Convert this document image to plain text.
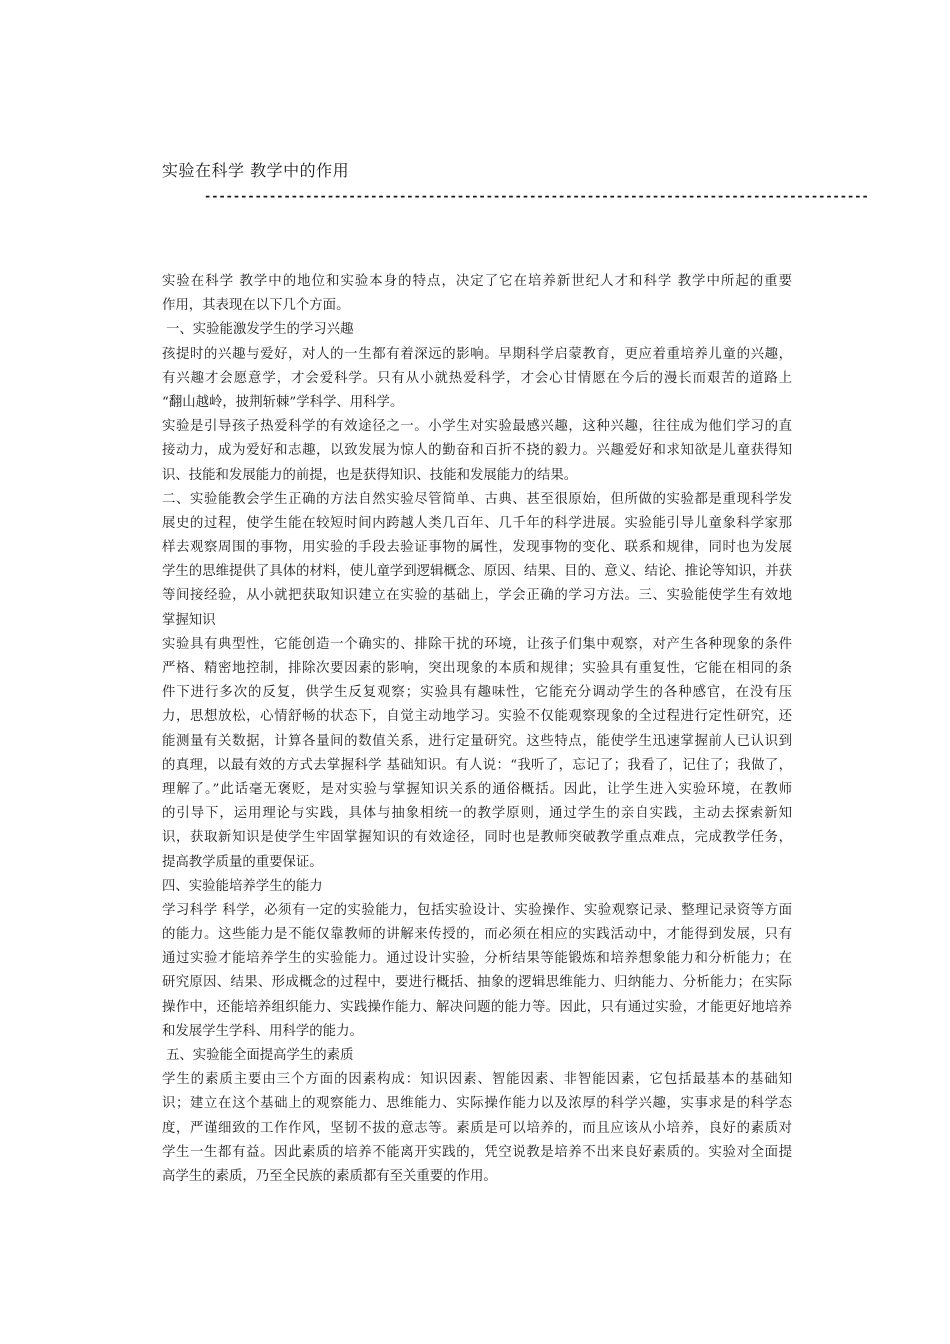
实验在科学 教学中的作用
--------------------------------------------------------------------------------------------
实验在科学 教学中的地位和实验本身的特点，决定了它在培养新世纪人才和科学 教学中所起的重要
作用，其表现在以下几个方面。
一、实验能激发学生的学习兴趣
孩提时的兴趣与爱好，对人的一生都有着深远的影响。早期科学启蒙教育，更应着重培养儿童的兴趣，
有兴趣才会愿意学，才会爱科学。只有从小就热爱科学，才会心甘情愿在今后的漫长而艰苦的道路上
“翻山越岭，披荆斩棘”学科学、用科学。
实验是引导孩子热爱科学的有效途径之一。小学生对实验最感兴趣，这种兴趣，往往成为他们学习的直
接动力，成为爱好和志趣，以致发展为惊人的勤奋和百折不挠的毅力。兴趣爱好和求知欲是儿童获得知
识、技能和发展能力的前提，也是获得知识、技能和发展能力的结果。
二、实验能教会学生正确的方法自然实验尽管简单、古典、甚至很原始，但所做的实验都是重现科学发
展史的过程，使学生能在较短时间内跨越人类几百年、几千年的科学进展。实验能引导儿童象科学家那
样去观察周围的事物，用实验的手段去验证事物的属性，发现事物的变化、联系和规律，同时也为发展
学生的思维提供了具体的材料，使儿童学到逻辑概念、原因、结果、目的、意义、结论、推论等知识，并获
等间接经验，从小就把获取知识建立在实验的基础上，学会正确的学习方法。三、实验能使学生有效地
掌握知识
实验具有典型性，它能创造一个确实的、排除干扰的环境，让孩子们集中观察，对产生各种现象的条件
严格、精密地控制，排除次要因素的影响，突出现象的本质和规律；实验具有重复性，它能在相同的条
件下进行多次的反复，供学生反复观察；实验具有趣味性，它能充分调动学生的各种感官，在没有压
力，思想放松，心情舒畅的状态下，自觉主动地学习。实验不仅能观察现象的全过程进行定性研究，还
能测量有关数据，计算各量间的数值关系，进行定量研究。这些特点，能使学生迅速掌握前人已认识到
的真理，以最有效的方式去掌握科学 基础知识。有人说：“我听了，忘记了；我看了，记住了；我做了，
理解了。”此话毫无褒贬，是对实验与掌握知识关系的通俗概括。因此，让学生进入实验环境，在教师
的引导下，运用理论与实践，具体与抽象相统一的教学原则，通过学生的亲自实践，主动去探索新知
识，获取新知识是使学生牢固掌握知识的有效途径，同时也是教师突破教学重点难点，完成教学任务，
提高教学质量的重要保证。
四、实验能培养学生的能力
学习科学 科学，必须有一定的实验能力，包括实验设计、实验操作、实验观察记录、整理记录资等方面
的能力。这些能力是不能仅靠教师的讲解来传授的，而必须在相应的实践活动中，才能得到发展，只有
通过实验才能培养学生的实验能力。通过设计实验，分析结果等能锻炼和培养想象能力和分析能力；在
研究原因、结果、形成概念的过程中，要进行概括、抽象的逻辑思维能力、归纳能力、分析能力；在实际
操作中，还能培养组织能力、实践操作能力、解决问题的能力等。因此，只有通过实验，才能更好地培养
和发展学生学科、用科学的能力。
五、实验能全面提高学生的素质
学生的素质主要由三个方面的因素构成：知识因素、智能因素、非智能因素，它包括最基本的基础知
识；建立在这个基础上的观察能力、思维能力、实际操作能力以及浓厚的科学兴趣，实事求是的科学态
度，严谨细致的工作作风，坚韧不拔的意志等。素质是可以培养的，而且应该从小培养，良好的素质对
学生一生都有益。因此素质的培养不能离开实践的，凭空说教是培养不出来良好素质的。实验对全面提
高学生的素质，乃至全民族的素质都有至关重要的作用。
